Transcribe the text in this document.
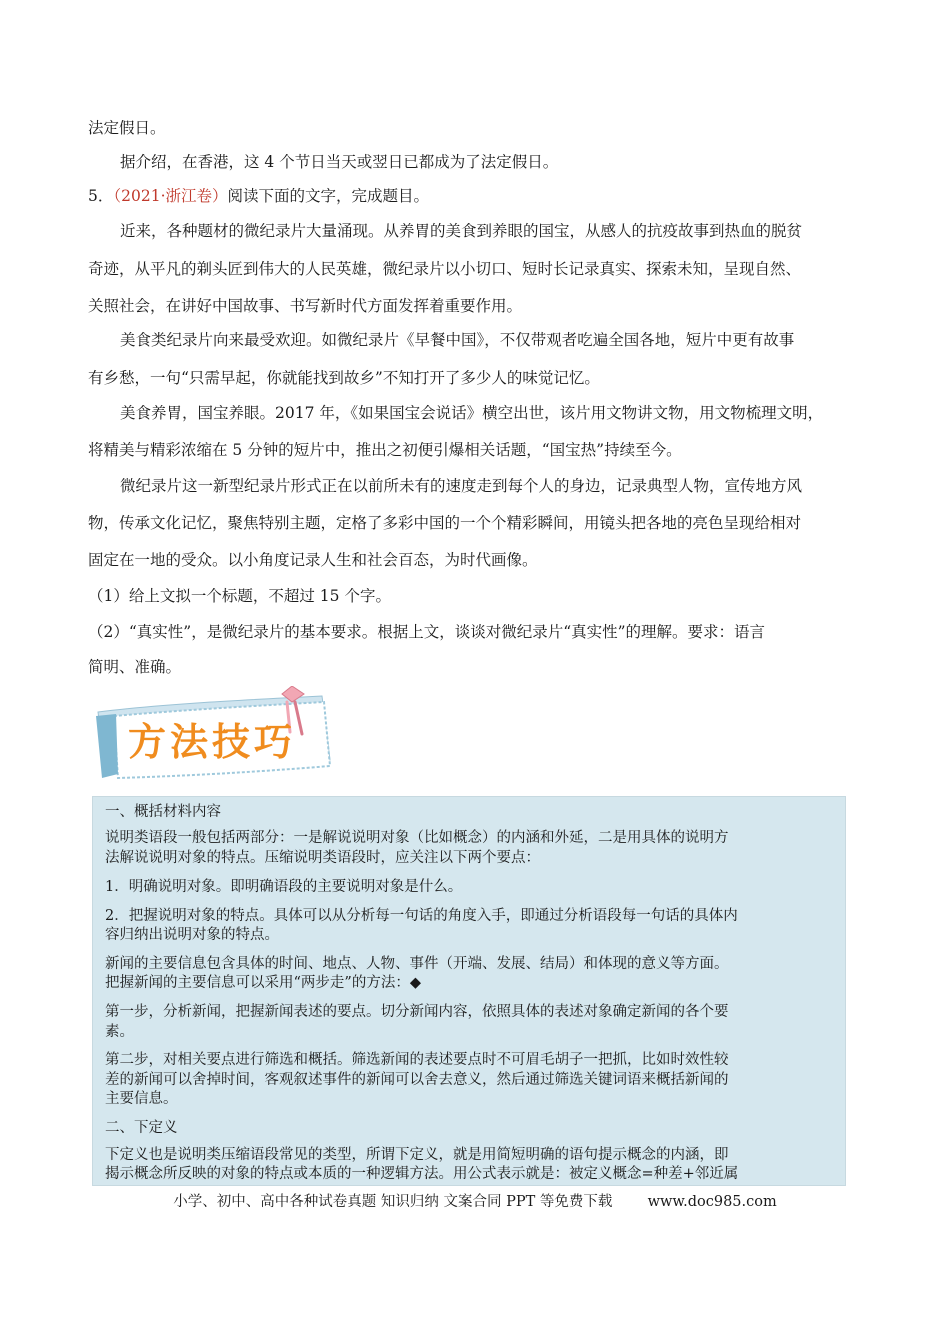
法定假日。
据介绍，在香港，这 4 个节日当天或翌日已都成为了法定假日。
5．（2021·浙江卷）阅读下面的文字，完成题目。
近来，各种题材的微纪录片大量涌现。从养胃的美食到养眼的国宝，从感人的抗疫故事到热血的脱贫
奇迹，从平凡的剃头匠到伟大的人民英雄，微纪录片以小切口、短时长记录真实、探索未知，呈现自然、
关照社会，在讲好中国故事、书写新时代方面发挥着重要作用。
美食类纪录片向来最受欢迎。如微纪录片《早餐中国》，不仅带观者吃遍全国各地，短片中更有故事
有乡愁，一句“只需早起，你就能找到故乡”不知打开了多少人的味觉记忆。
美食养胃，国宝养眼。2017 年，《如果国宝会说话》横空出世，该片用文物讲文物，用文物梳理文明，
将精美与精彩浓缩在 5 分钟的短片中，推出之初便引爆相关话题，“国宝热”持续至今。
微纪录片这一新型纪录片形式正在以前所未有的速度走到每个人的身边，记录典型人物，宣传地方风
物，传承文化记忆，聚焦特别主题，定格了多彩中国的一个个精彩瞬间，用镜头把各地的亮色呈现给相对
固定在一地的受众。以小角度记录人生和社会百态，为时代画像。
（1）给上文拟一个标题，不超过 15 个字。
（2）“真实性”，是微纪录片的基本要求。根据上文，谈谈对微纪录片“真实性”的理解。要求：语言
简明、准确。
方法技巧
一、概括材料内容
说明类语段一般包括两部分：一是解说说明对象（比如概念）的内涵和外延，二是用具体的说明方
法解说说明对象的特点。压缩说明类语段时，应关注以下两个要点：
1．明确说明对象。即明确语段的主要说明对象是什么。
2．把握说明对象的特点。具体可以从分析每一句话的角度入手，即通过分析语段每一句话的具体内
容归纳出说明对象的特点。
新闻的主要信息包含具体的时间、地点、人物、事件（开端、发展、结局）和体现的意义等方面。
把握新闻的主要信息可以采用“两步走”的方法：◆
第一步，分析新闻，把握新闻表述的要点。切分新闻内容，依照具体的表述对象确定新闻的各个要
素。
第二步，对相关要点进行筛选和概括。筛选新闻的表述要点时不可眉毛胡子一把抓，比如时效性较
差的新闻可以舍掉时间，客观叙述事件的新闻可以舍去意义，然后通过筛选关键词语来概括新闻的
主要信息。
二、下定义
下定义也是说明类压缩语段常见的类型，所谓下定义，就是用简短明确的语句提示概念的内涵，即
揭示概念所反映的对象的特点或本质的一种逻辑方法。用公式表示就是：被定义概念=种差+邻近属
小学、初中、高中各种试卷真题 知识归纳 文案合同 PPT 等免费下载 www.doc985.com
